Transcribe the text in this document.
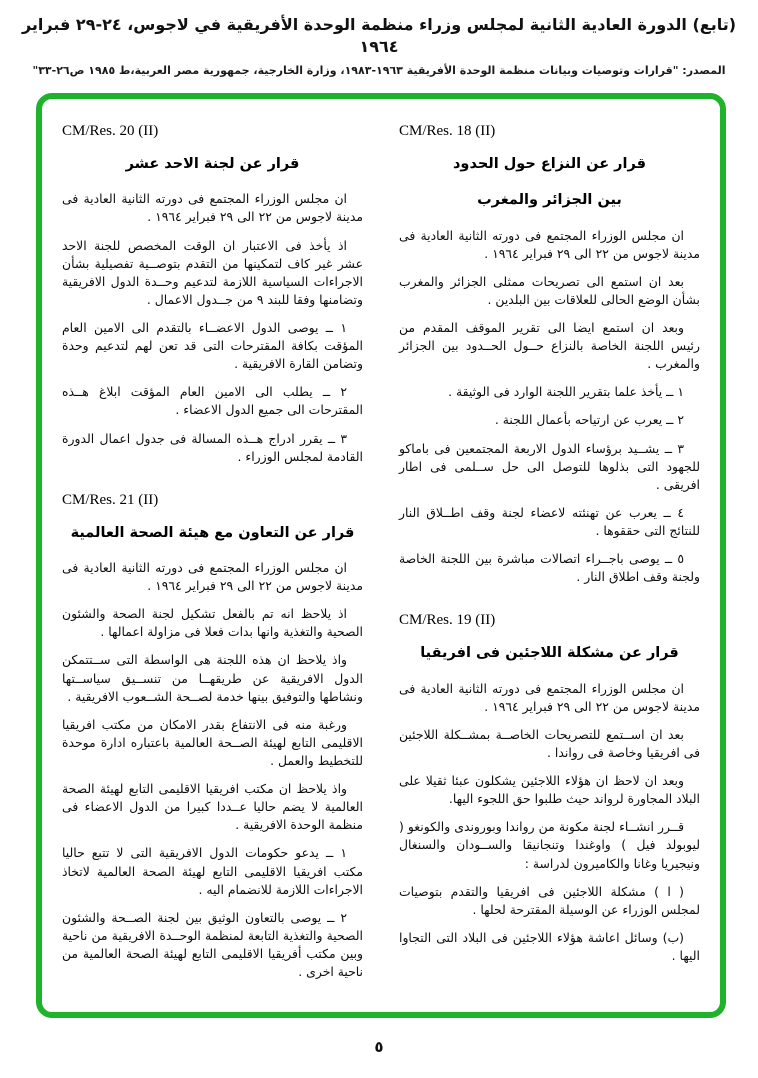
(تابع) الدورة العادية الثانية لمجلس وزراء منظمة الوحدة الأفريقية في لاجوس، ٢٤-٢٩ فبراير ١٩٦٤
المصدر: "قرارات وتوصيات وبيانات منظمة الوحدة الأفريقية ١٩٦٣-١٩٨٣، وزارة الخارجية، جمهورية مصر العربية،ط ١٩٨٥ ص٢٦-٣٣"
CM/Res. 18 (II)
قرار عن النزاع حول الحدود
بين الجزائر والمغرب

ان مجلس الوزراء المجتمع فى دورته الثانية العادية فى مدينة لاجوس من ٢٢ الى ٢٩ فبراير ١٩٦٤ .

بعد ان استمع الى تصريحات ممثلى الجزائر والمغرب بشأن الوضع الحالى للعلاقات بين البلدين .

وبعد ان استمع ايضا الى تقرير الموقف المقدم من رئيس اللجنة الخاصة بالنزاع حــول الحــدود بين الجزائر والمغرب .

١ ــ يأخذ علما بتقرير اللجنة الوارد فى الوثيقة .

٢ ــ يعرب عن ارتياحه بأعمال اللجنة .

٣ ــ يشــيد برؤساء الدول الاربعة المجتمعين فى باماكو للجهود التى بذلوها للتوصل الى حل ســلمى فى اطار افريقى .

٤ ــ يعرب عن تهنئته لاعضاء لجنة وقف اطــلاق النار للنتائج التى حققوها .

٥ ــ يوصى باجــراء اتصالات مباشرة بين اللجنة الخاصة ولجنة وقف اطلاق النار .

CM/Res. 19 (II)
قرار عن مشكلة اللاجئين فى افريقيا

ان مجلس الوزراء المجتمع فى دورته الثانية العادية فى مدينة لاجوس من ٢٢ الى ٢٩ فبراير ١٩٦٤ .

بعد ان اســتمع للتصريحات الخاصــة بمشــكلة اللاجئين فى افريقيا وخاصة فى رواندا .

وبعد ان لاحظ ان هؤلاء اللاجئين يشكلون عبئا ثقيلا على البلاد المجاورة لرواند حيث طلبوا حق اللجوء اليها.

قــرر انشــاء لجنة مكونة من رواندا وبوروندى والكونغو ( ليوبولد فيل ) واوغندا وتنجانيقا والســودان والسنغال ونيجيريا وغانا والكاميرون لدراسة :

( ا ) مشكلة اللاجئين فى افريقيا والتقدم بتوصيات لمجلس الوزراء عن الوسيلة المقترحة لحلها .

(ب) وسائل اعاشة هؤلاء اللاجئين فى البلاد التى التجاوا اليها .

CM/Res. 20 (II)
قرار عن لجنة الاحد عشر

ان مجلس الوزراء المجتمع فى دورته الثانية العادية فى مدينة لاجوس من ٢٢ الى ٢٩ فبراير ١٩٦٤ .

اذ يأخذ فى الاعتبار ان الوقت المخصص للجنة الاحد عشر غير كاف لتمكينها من التقدم بتوصــية تفصيلية بشأن الاجراءات السياسية اللازمة لتدعيم وحــدة الدول الافريقية وتضامنها وفقا للبند ٩ من جــدول الاعمال .

١ ــ يوصى الدول الاعضــاء بالتقدم الى الامين العام المؤقت بكافة المقترحات التى قد تعن لهم لتدعيم وحدة وتضامن القارة الافريقية .

٢ ــ يطلب الى الامين العام المؤقت ابلاغ هــذه المقترحات الى جميع الدول الاعضاء .

٣ ــ يقرر ادراج هــذه المسالة فى جدول اعمال الدورة القادمة لمجلس الوزراء .

CM/Res. 21 (II)
قرار عن التعاون مع هيئة الصحة العالمية

ان مجلس الوزراء المجتمع فى دورته الثانية العادية فى مدينة لاجوس من ٢٢ الى ٢٩ فبراير ١٩٦٤ .

اذ يلاحظ انه تم بالفعل تشكيل لجنة الصحة والشئون الصحية والتغذية وانها بدات فعلا فى مزاولة اعمالها .

واذ يلاحظ ان هذه اللجنة هى الواسطة التى ســتتمكن الدول الافريقية عن طريقهــا من تنســيق سياســتها ونشاطها والتوفيق بينها خدمة لصــحة الشــعوب الافريقية .

ورغبة منه فى الانتفاع بقدر الامكان من مكتب افريقيا الاقليمى التابع لهيئة الصــحة العالمية باعتباره ادارة موحدة للتخطيط والعمل .

واذ يلاحظ ان مكتب افريقيا الاقليمى التابع لهيئة الصحة العالمية لا يضم حاليا عــددا كبيرا من الدول الاعضاء فى منظمة الوحدة الافريقية .

١ ــ يدعو حكومات الدول الافريقية التى لا تتبع حاليا مكتب افريقيا الاقليمى التابع لهيئة الصحة العالمية لاتخاذ الاجراءات اللازمة للانضمام اليه .

٢ ــ يوصى بالتعاون الوثيق بين لجنة الصــحة والشئون الصحية والتغذية التابعة لمنظمة الوحــدة الافريقية من ناحية وبين مكتب أفريقيا الاقليمى التابع لهيئة الصحة العالمية من ناحية اخرى .

٥
